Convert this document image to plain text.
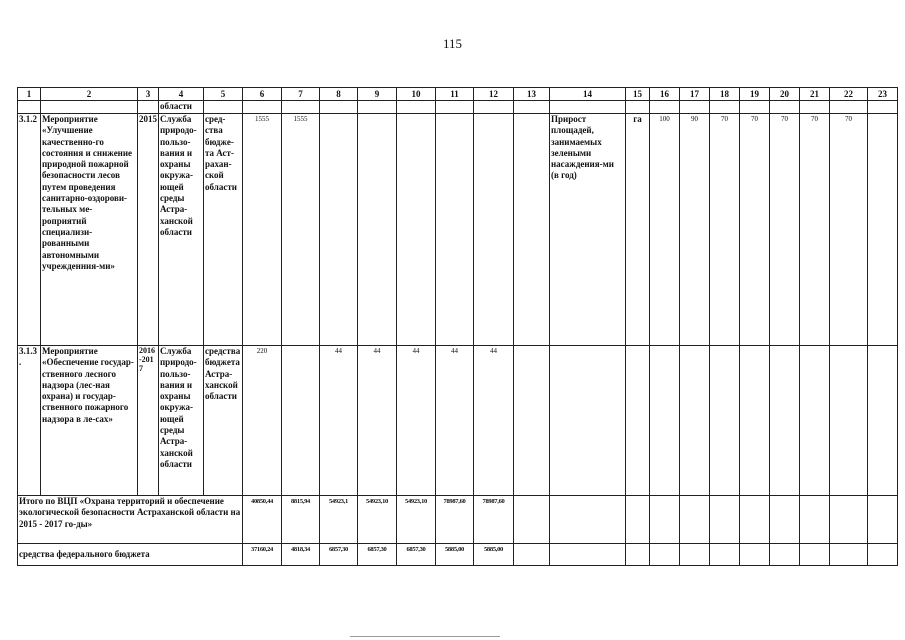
115
1	2	3	4	5	6	7	8	9	10	11	12	13	14	15	16	17	18	19	20	21	22	23
			области																			
3.1.2	Мероприятие «Улучшение качественно-го состояния и снижение природной пожарной безопасности лесов путем проведения санитарно-оздорови-тельных ме-роприятий специализи-рованными автономными учрежденния-ми»	2015	Служба природо-пользо-вания и охраны окружа-ющей среды Астра-ханской области	сред-ства бюдже-та Аст-рахан-ской области	1555	1555							Прирост площадей, занимаемых зелеными насаждения-ми (в год)	га	100	90	70	70	70	70	70	
3.1.3.	Мероприятие «Обеспечение государ-ственного лесного надзора (лес-ная охрана) и государ-ственного пожарного надзора в ле-сах»	2016-2017	Служба природо-пользо-вания и охраны окружа-ющей среды Астра-ханской области	средства бюджета Астра-ханской области	220		44	44	44	44	44											
Итого по ВЦП «Охрана территорий и обеспечение экологической безопасности Астраханской области на 2015 - 2017 го-ды»					40850,44	8815,94	54923,1	54923,10	54923,10	78987,60	78987,60											
средства федерального бюджета					37160,24	4818,34	6857,30	6857,30	6857,30	5885,00	5885,00											
